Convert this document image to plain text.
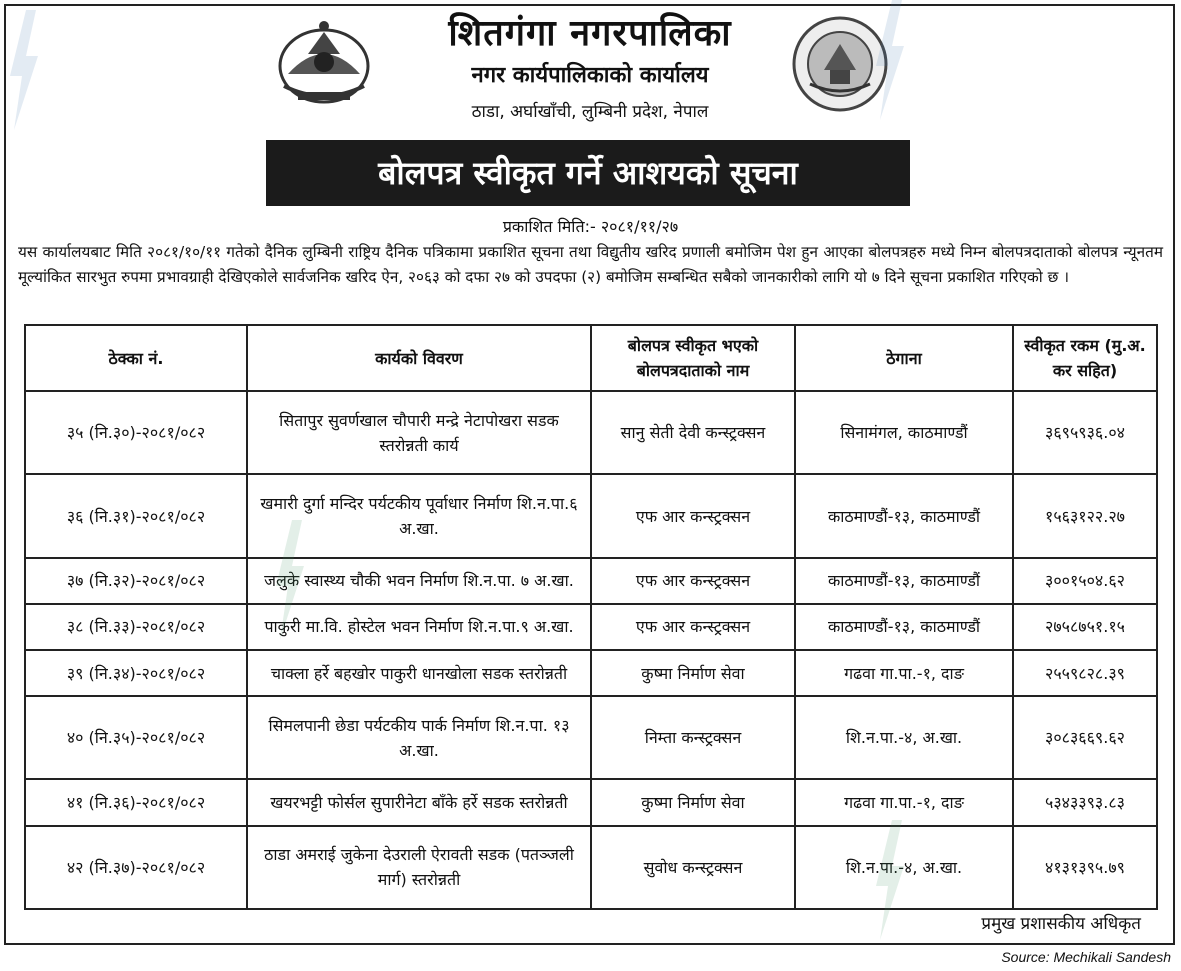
शितगंगा नगरपालिका
नगर कार्यपालिकाको कार्यालय
ठाडा, अर्घाखाँची, लुम्बिनी प्रदेश, नेपाल
बोलपत्र स्वीकृत गर्ने आशयको सूचना
प्रकाशित मिति:- २०८१/११/२७
यस कार्यालयबाट मिति २०८१/१०/११ गतेको दैनिक लुम्बिनी राष्ट्रिय दैनिक पत्रिकामा प्रकाशित सूचना तथा विद्युतीय खरिद प्रणाली बमोजिम पेश हुन आएका बोलपत्रहरु मध्ये निम्न बोलपत्रदाताको बोलपत्र न्यूनतम मूल्यांकित सारभुत रुपमा प्रभावग्राही देखिएकोले सार्वजनिक खरिद ऐन, २०६३ को दफा २७ को उपदफा (२) बमोजिम सम्बन्धित सबैको जानकारीको लागि यो ७ दिने सूचना प्रकाशित गरिएको छ ।
ठेक्का नं.	कार्यको विवरण	बोलपत्र स्वीकृत भएको बोलपत्रदाताको नाम	ठेगाना	स्वीकृत रकम (मु.अ. कर सहित)
३५ (नि.३०)-२०८१/०८२	सितापुर सुवर्णखाल चौपारी मन्द्रे नेटापोखरा सडक स्तरोन्नती कार्य	सानु सेती देवी कन्स्ट्रक्सन	सिनामंगल, काठमाण्डौं	३६९५९३६.०४
३६ (नि.३१)-२०८१/०८२	खमारी दुर्गा मन्दिर पर्यटकीय पूर्वाधार निर्माण शि.न.पा.६ अ.खा.	एफ आर कन्स्ट्रक्सन	काठमाण्डौं-१३, काठमाण्डौं	१५६३१२२.२७
३७ (नि.३२)-२०८१/०८२	जलुके स्वास्थ्य चौकी भवन निर्माण शि.न.पा. ७ अ.खा.	एफ आर कन्स्ट्रक्सन	काठमाण्डौं-१३, काठमाण्डौं	३००१५०४.६२
३८ (नि.३३)-२०८१/०८२	पाकुरी मा.वि. होस्टेल भवन निर्माण शि.न.पा.९ अ.खा.	एफ आर कन्स्ट्रक्सन	काठमाण्डौं-१३, काठमाण्डौं	२७५८७५१.१५
३९ (नि.३४)-२०८१/०८२	चाक्ला हर्रे बहखोर पाकुरी धानखोला सडक स्तरोन्नती	कुष्मा निर्माण सेवा	गढवा गा.पा.-१, दाङ	२५५९८२८.३९
४० (नि.३५)-२०८१/०८२	सिमलपानी छेडा पर्यटकीय पार्क निर्माण शि.न.पा. १३ अ.खा.	निम्ता कन्स्ट्रक्सन	शि.न.पा.-४, अ.खा.	३०८३६६९.६२
४१ (नि.३६)-२०८१/०८२	खयरभट्टी फोर्सल सुपारीनेटा बाँके हर्रे सडक स्तरोन्नती	कुष्मा निर्माण सेवा	गढवा गा.पा.-१, दाङ	५३४३३९३.८३
४२ (नि.३७)-२०८१/०८२	ठाडा अमराई जुकेना देउराली ऐरावती सडक (पतञ्जली मार्ग) स्तरोन्नती	सुवोध कन्स्ट्रक्सन	शि.न.पा.-४, अ.खा.	४१३१३९५.७९
प्रमुख प्रशासकीय अधिकृत
Source: Mechikali Sandesh
